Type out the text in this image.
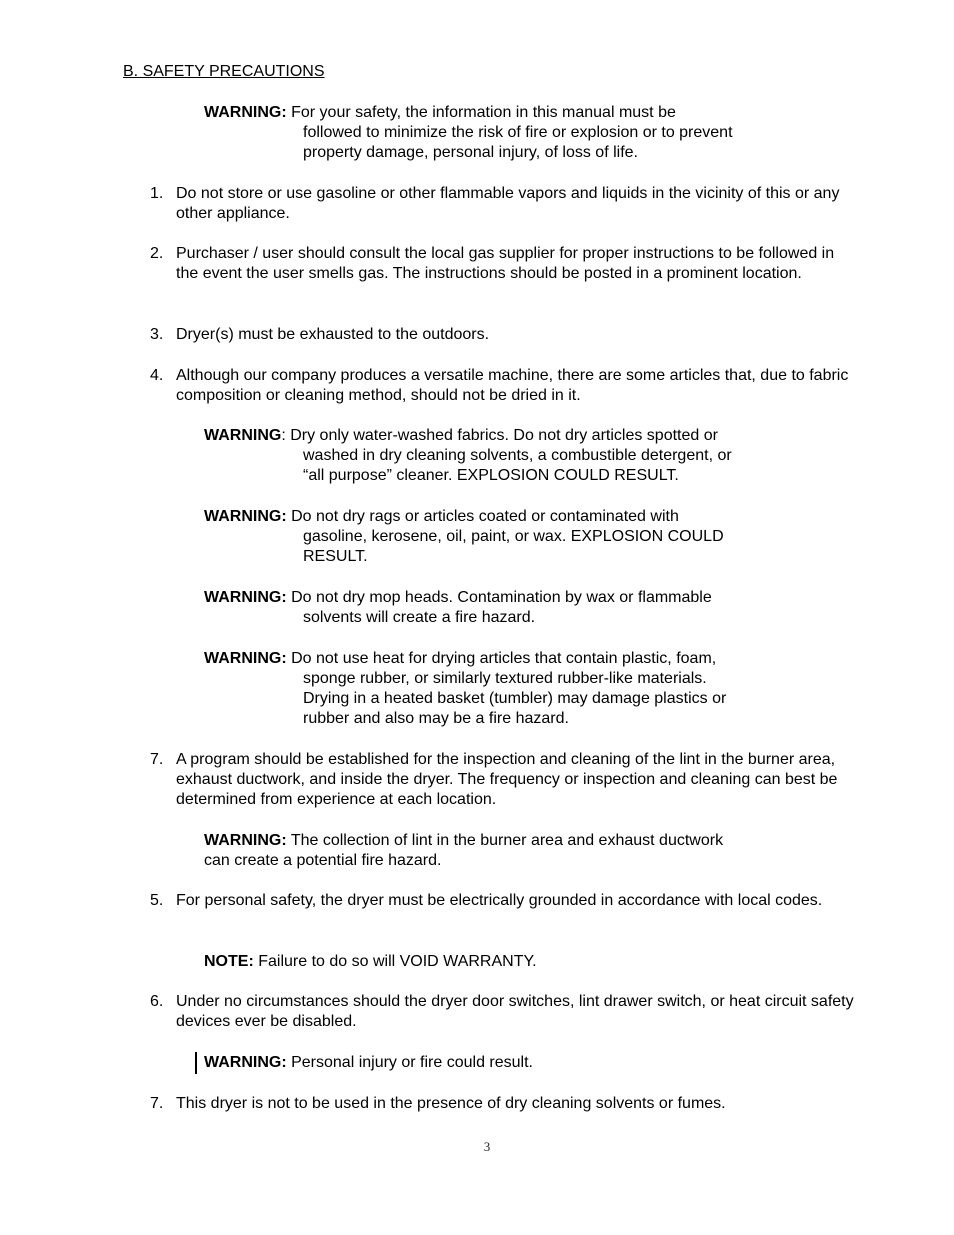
B. SAFETY PRECAUTIONS
WARNING: For your safety, the information in this manual must be
followed to minimize the risk of fire or explosion or to prevent
property damage, personal injury, of loss of life.
1. Do not store or use gasoline or other flammable vapors and liquids in the vicinity of this or any other appliance.
2. Purchaser / user should consult the local gas supplier for proper instructions to be followed in the event the user smells gas. The instructions should be posted in a prominent location.
3. Dryer(s) must be exhausted to the outdoors.
4. Although our company produces a versatile machine, there are some articles that, due to fabric composition or cleaning method, should not be dried in it.
WARNING: Dry only water-washed fabrics. Do not dry articles spotted or
washed in dry cleaning solvents, a combustible detergent, or
“all purpose” cleaner. EXPLOSION COULD RESULT.
WARNING: Do not dry rags or articles coated or contaminated with
gasoline, kerosene, oil, paint, or wax. EXPLOSION COULD
RESULT.
WARNING: Do not dry mop heads. Contamination by wax or flammable
solvents will create a fire hazard.
WARNING: Do not use heat for drying articles that contain plastic, foam,
sponge rubber, or similarly textured rubber-like materials.
Drying in a heated basket (tumbler) may damage plastics or
rubber and also may be a fire hazard.
7. A program should be established for the inspection and cleaning of the lint in the burner area, exhaust ductwork, and inside the dryer. The frequency or inspection and cleaning can best be determined from experience at each location.
WARNING: The collection of lint in the burner area and exhaust ductwork
can create a potential fire hazard.
5. For personal safety, the dryer must be electrically grounded in accordance with local codes.
NOTE: Failure to do so will VOID WARRANTY.
6. Under no circumstances should the dryer door switches, lint drawer switch, or heat circuit safety devices ever be disabled.
WARNING: Personal injury or fire could result.
7. This dryer is not to be used in the presence of dry cleaning solvents or fumes.
3
